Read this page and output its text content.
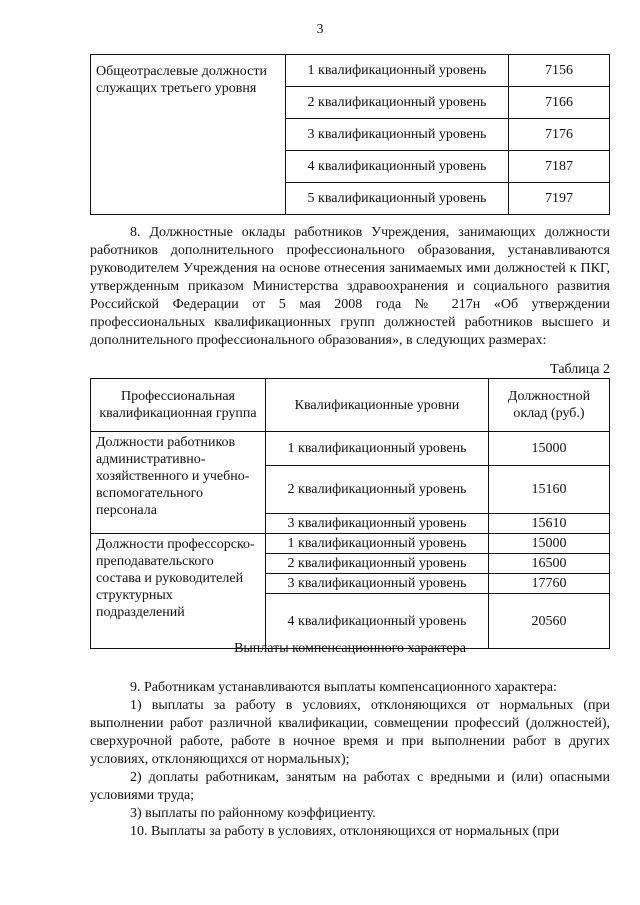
3
Общеотраслевые должности служащих третьего уровня	1 квалификационный уровень	7156
	2 квалификационный уровень	7166
	3 квалификационный уровень	7176
	4 квалификационный уровень	7187
	5 квалификационный уровень	7197

8. Должностные оклады работников Учреждения, занимающих должности работников дополнительного профессионального образования, устанавливаются руководителем Учреждения на основе отнесения занимаемых ими должностей к ПКГ, утвержденным приказом Министерства здравоохранения и социального развития Российской Федерации от 5 мая 2008 года № 217н «Об утверждении профессиональных квалификационных групп должностей работников высшего и дополнительного профессионального образования», в следующих размерах:

Таблица 2
Профессиональная квалификационная группа	Квалификационные уровни	Должностной оклад (руб.)
Должности работников административно-хозяйственного и учебно-вспомогательного персонала	1 квалификационный уровень	15000
	2 квалификационный уровень	15160
	3 квалификационный уровень	15610
Должности профессорско-преподавательского состава и руководителей структурных подразделений	1 квалификационный уровень	15000
	2 квалификационный уровень	16500
	3 квалификационный уровень	17760
	4 квалификационный уровень	20560
Выплаты компенсационного характера

9. Работникам устанавливаются выплаты компенсационного характера:

1) выплаты за работу в условиях, отклоняющихся от нормальных (при выполнении работ различной квалификации, совмещении профессий (должностей), сверхурочной работе, работе в ночное время и при выполнении работ в других условиях, отклоняющихся от нормальных);

2) доплаты работникам, занятым на работах с вредными и (или) опасными условиями труда;

3) выплаты по районному коэффициенту.

10. Выплаты за работу в условиях, отклоняющихся от нормальных (при
